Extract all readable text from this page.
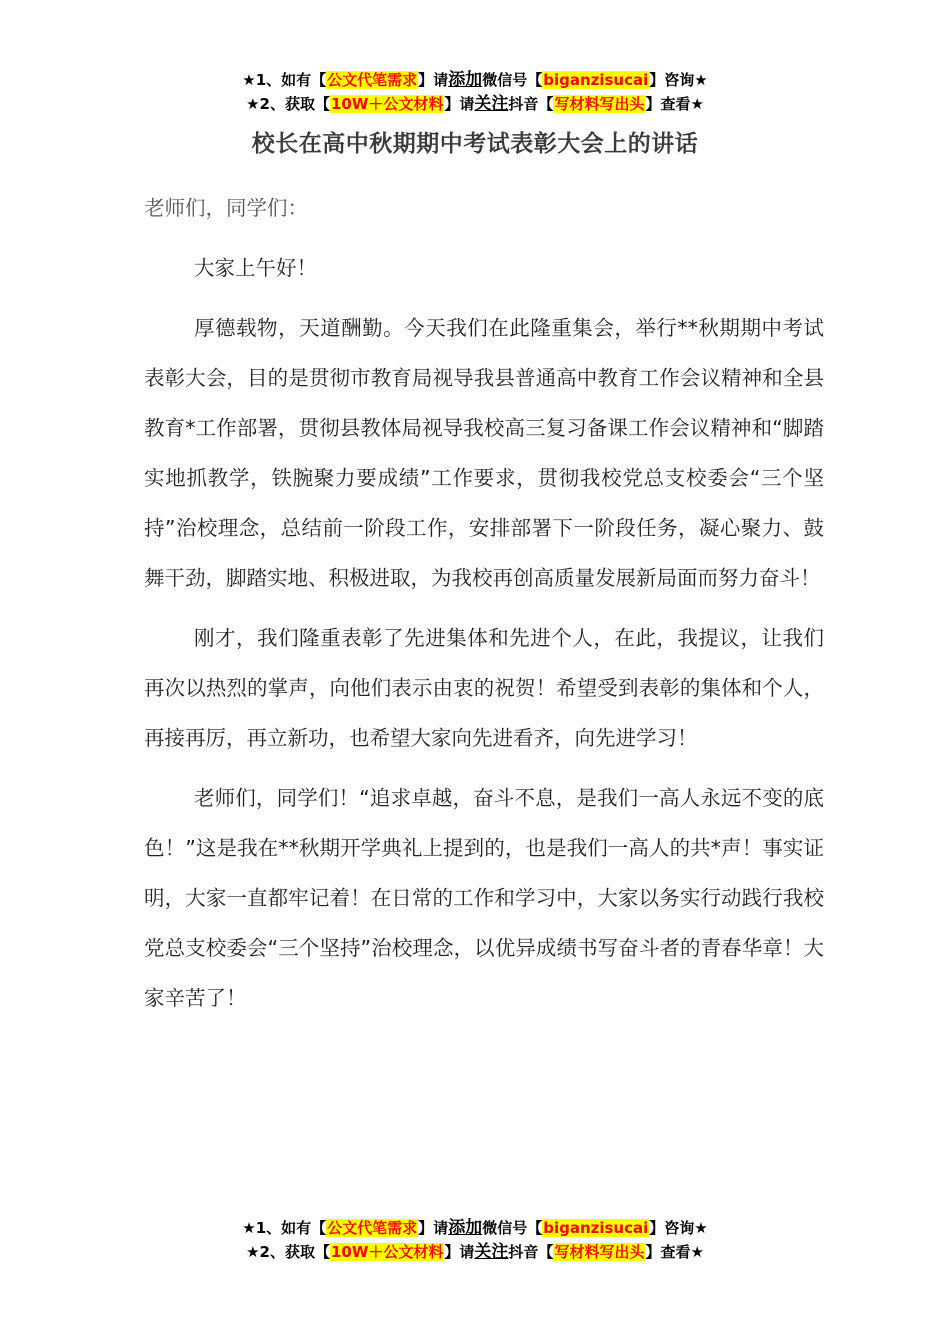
★1、如有【公文代笔需求】请添加微信号【biganzisucai】咨询★
★2、获取【10W＋公文材料】请关注抖音【写材料写出头】查看★
校长在高中秋期期中考试表彰大会上的讲话

老师们，同学们：

大家上午好！

厚德载物，天道酬勤。今天我们在此隆重集会，举行**秋期期中考试表彰大会，目的是贯彻市教育局视导我县普通高中教育工作会议精神和全县教育*工作部署，贯彻县教体局视导我校高三复习备课工作会议精神和“脚踏实地抓教学，铁腕聚力要成绩”工作要求，贯彻我校党总支校委会“三个坚持”治校理念，总结前一阶段工作，安排部署下一阶段任务，凝心聚力、鼓舞干劲，脚踏实地、积极进取，为我校再创高质量发展新局面而努力奋斗！

刚才，我们隆重表彰了先进集体和先进个人，在此，我提议，让我们再次以热烈的掌声，向他们表示由衷的祝贺！希望受到表彰的集体和个人，再接再厉，再立新功，也希望大家向先进看齐，向先进学习！

老师们，同学们！“追求卓越，奋斗不息，是我们一高人永远不变的底色！”这是我在**秋期开学典礼上提到的，也是我们一高人的共*声！事实证明，大家一直都牢记着！在日常的工作和学习中，大家以务实行动践行我校党总支校委会“三个坚持”治校理念，以优异成绩书写奋斗者的青春华章！大家辛苦了！

★1、如有【公文代笔需求】请添加微信号【biganzisucai】咨询★
★2、获取【10W＋公文材料】请关注抖音【写材料写出头】查看★
